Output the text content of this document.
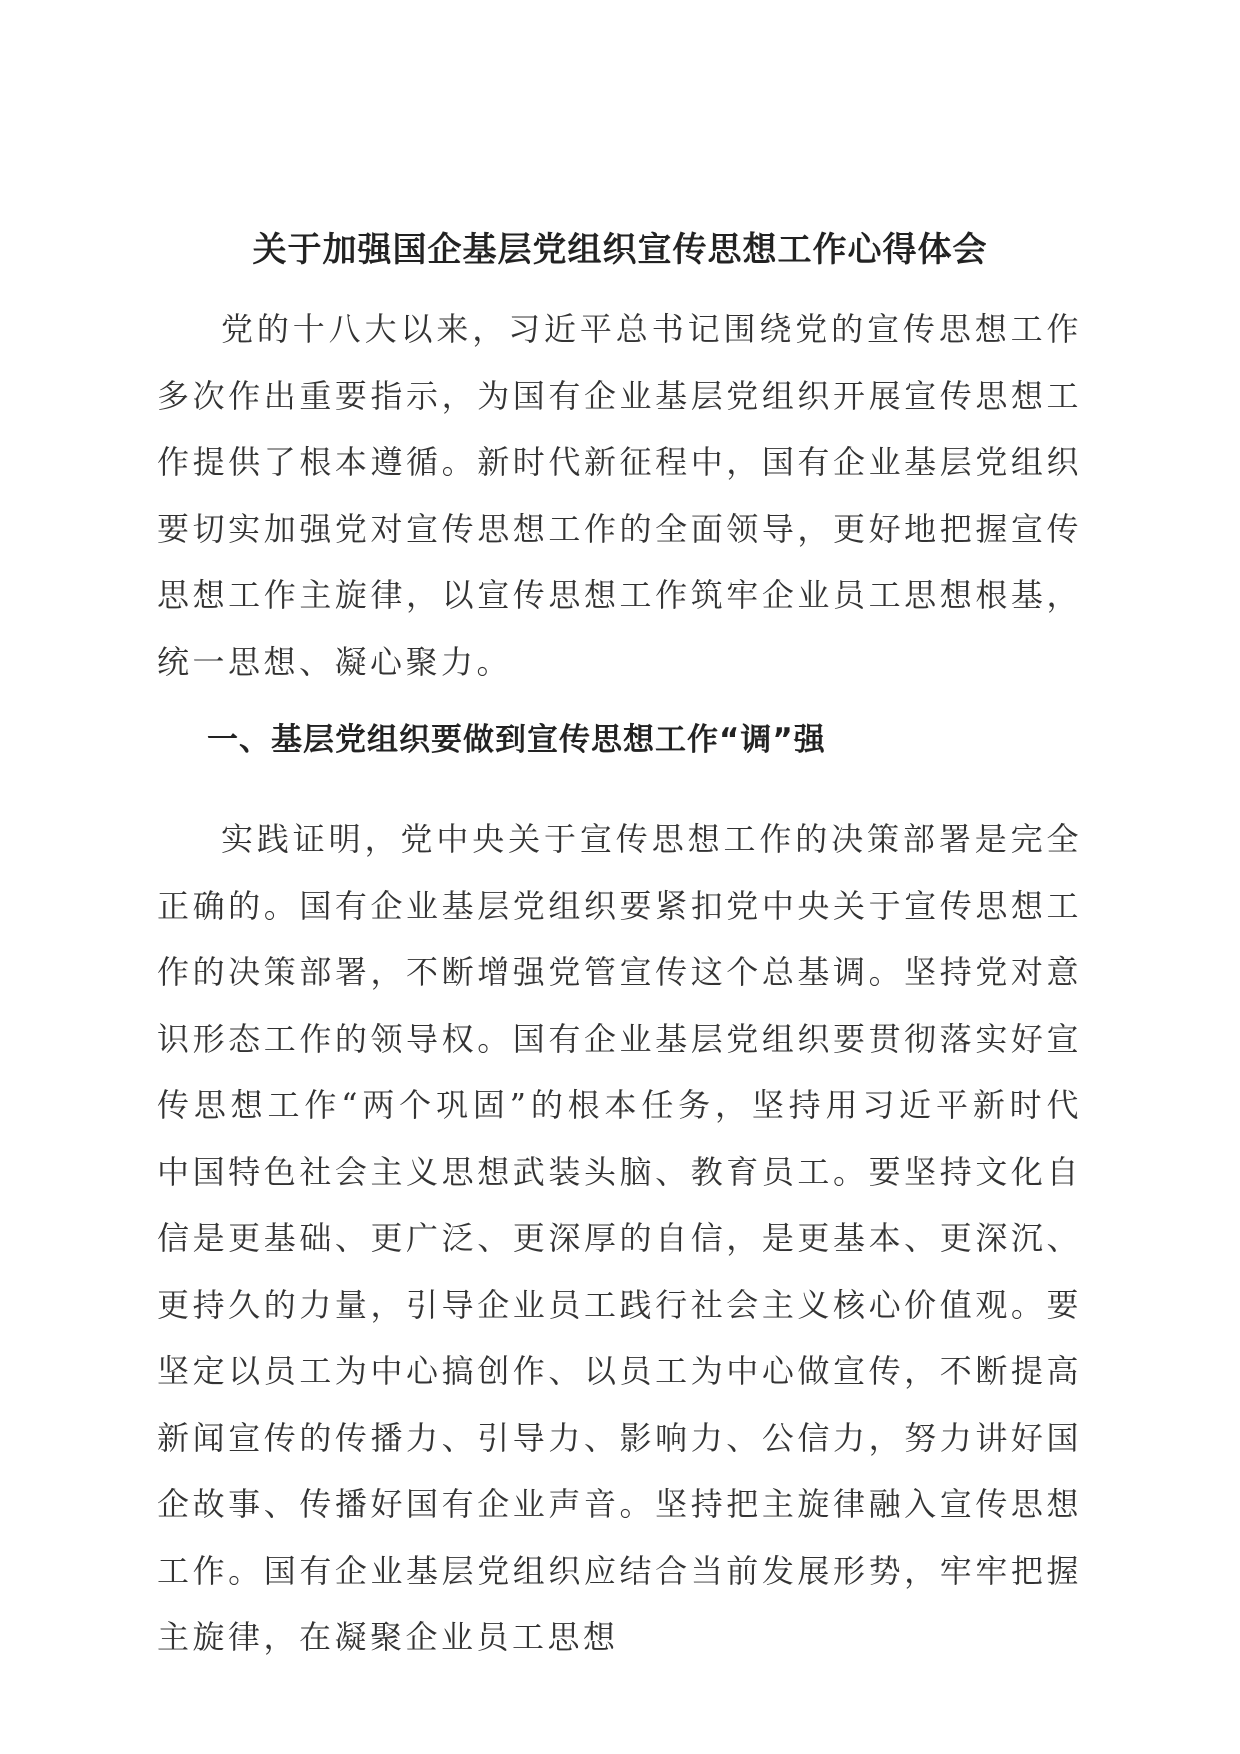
关于加强国企基层党组织宣传思想工作心得体会

党的十八大以来，习近平总书记围绕党的宣传思想工作多次作出重要指示，为国有企业基层党组织开展宣传思想工作提供了根本遵循。新时代新征程中，国有企业基层党组织要切实加强党对宣传思想工作的全面领导，更好地把握宣传思想工作主旋律，以宣传思想工作筑牢企业员工思想根基，统一思想、凝心聚力。

一、基层党组织要做到宣传思想工作“调”强

实践证明，党中央关于宣传思想工作的决策部署是完全正确的。国有企业基层党组织要紧扣党中央关于宣传思想工作的决策部署，不断增强党管宣传这个总基调。坚持党对意识形态工作的领导权。国有企业基层党组织要贯彻落实好宣传思想工作“两个巩固”的根本任务，坚持用习近平新时代中国特色社会主义思想武装头脑、教育员工。要坚持文化自信是更基础、更广泛、更深厚的自信，是更基本、更深沉、更持久的力量，引导企业员工践行社会主义核心价值观。要坚定以员工为中心搞创作、以员工为中心做宣传，不断提高新闻宣传的传播力、引导力、影响力、公信力，努力讲好国企故事、传播好国有企业声音。坚持把主旋律融入宣传思想工作。国有企业基层党组织应结合当前发展形势，牢牢把握主旋律，在凝聚企业员工思想
